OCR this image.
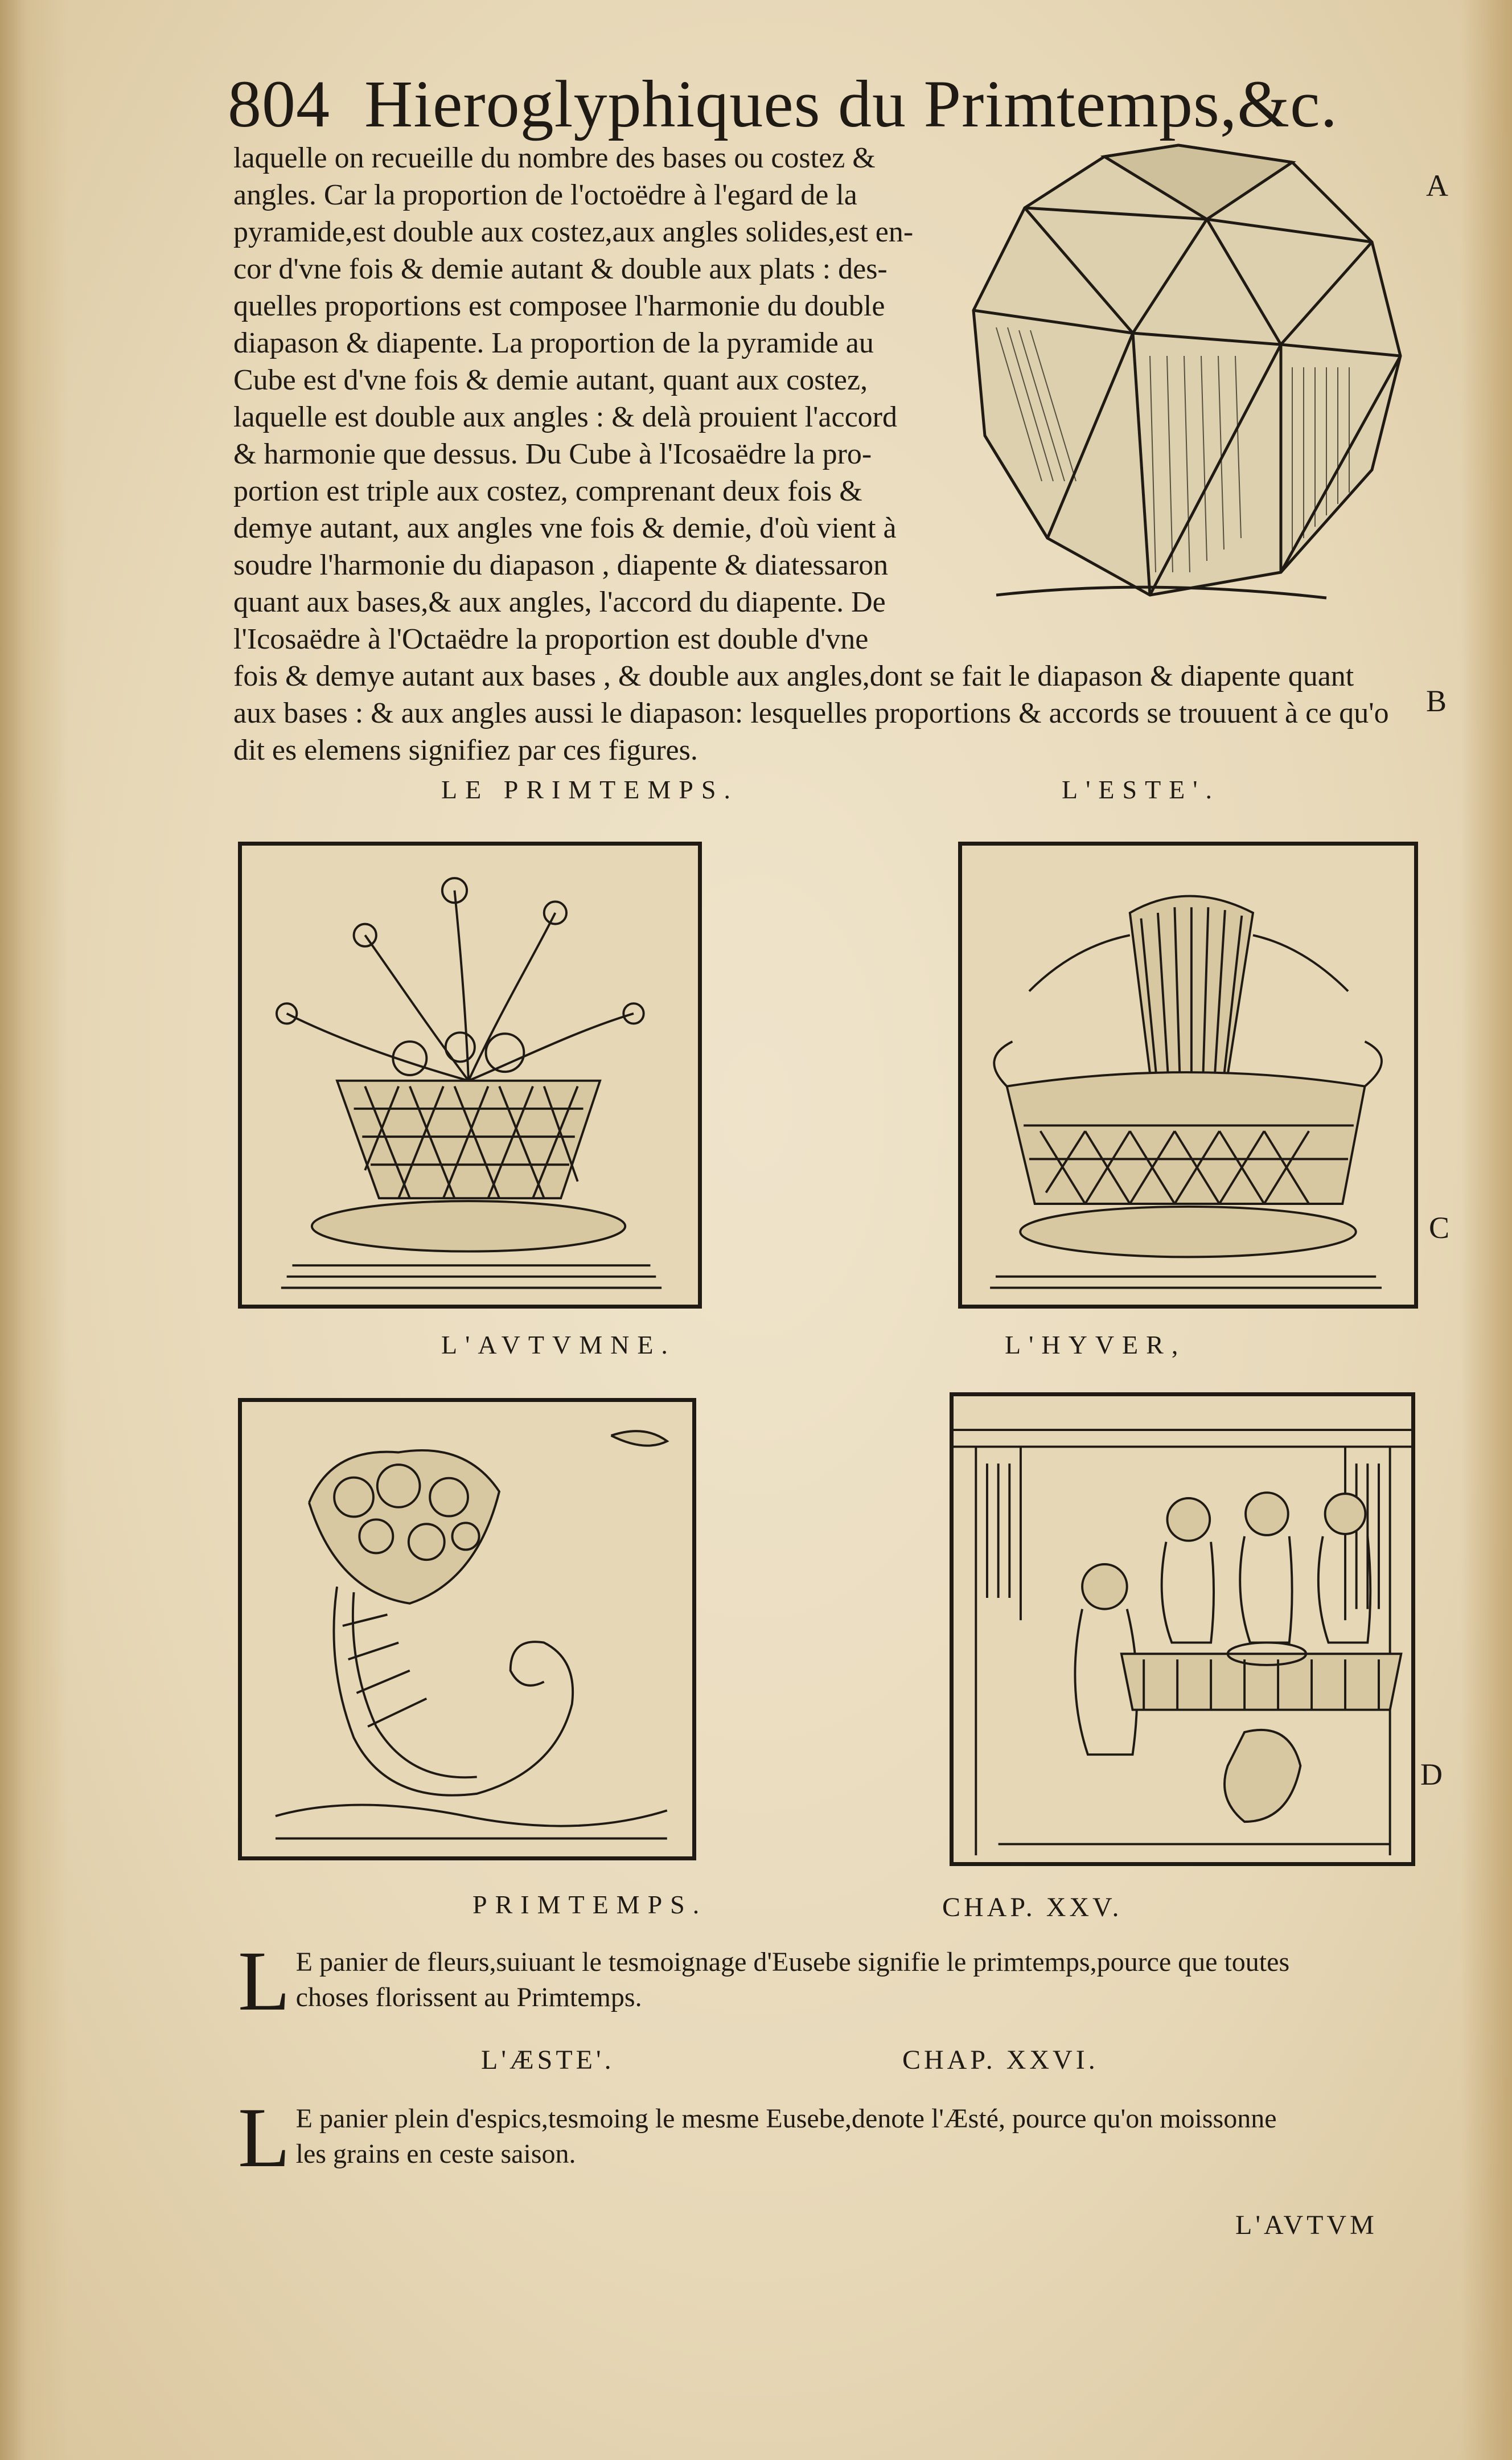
804 Hieroglyphiques du Primtemps,&c.
laquelle on recueille du nombre des bases ou costez &
angles. Car la proportion de l'octoëdre à l'egard de la
pyramide,est double aux costez,aux angles solides,est en-
cor d'vne fois & demie autant & double aux plats : des-
quelles proportions est composee l'harmonie du double
diapason & diapente. La proportion de la pyramide au
Cube est d'vne fois & demie autant, quant aux costez,
laquelle est double aux angles : & delà prouient l'accord
& harmonie que dessus. Du Cube à l'Icosaëdre la pro-
portion est triple aux costez, comprenant deux fois &
demye autant, aux angles vne fois & demie, d'où vient à
soudre l'harmonie du diapason , diapente & diatessaron
quant aux bases,& aux angles, l'accord du diapente. De
l'Icosaëdre à l'Octaëdre la proportion est double d'vne
fois & demye autant aux bases , & double aux angles,dont se fait le diapason & diapente quant
aux bases : & aux angles aussi le diapason: lesquelles proportions & accords se trouuent à ce qu'o
dit es elemens signifiez par ces figures.
A
B
LE PRIMTEMPS.	L'ESTE'.
C
L'AVTVMNE.	L'HYVER,
D
PRIMTEMPS.	CHAP. XXV.
L E panier de fleurs,suiuant le tesmoignage d'Eusebe signifie le primtemps,pource que toutes
choses florissent au Primtemps.
L'ÆSTE'.	CHAP. XXVI.
L E panier plein d'espics,tesmoing le mesme Eusebe,denote l'Æsté, pource qu'on moissonne
les grains en ceste saison.
L'AVTVM
